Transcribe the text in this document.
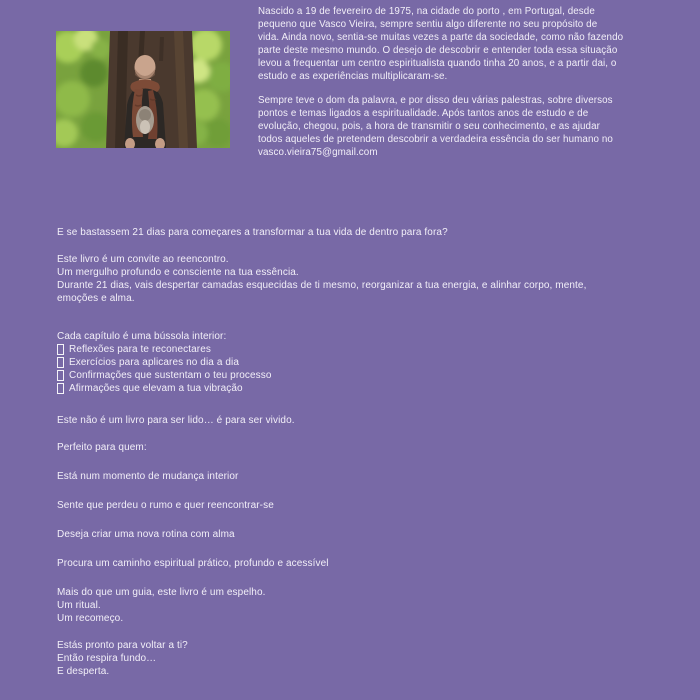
Nascido a 19 de fevereiro de 1975, na cidade do porto , em Portugal, desde
pequeno que Vasco Vieira, sempre sentiu algo diferente no seu propósito de
vida. Ainda novo, sentia-se muitas vezes a parte da sociedade, como não fazendo
parte deste mesmo mundo. O desejo de descobrir e entender toda essa situação
levou a frequentar um centro espiritualista quando tinha 20 anos, e a partir dai, o
estudo e as experiências multiplicaram-se.
Sempre teve o dom da palavra, e por disso deu várias palestras, sobre diversos
pontos e temas ligados a espiritualidade. Após tantos anos de estudo e de
evolução, chegou, pois, a hora de transmitir o seu conhecimento, e as ajudar
todos aqueles de pretendem descobrir a verdadeira essência do ser humano no
vasco.vieira75@gmail.com
E se bastassem 21 dias para começares a transformar a tua vida de dentro para fora?
Este livro é um convite ao reencontro.
Um mergulho profundo e consciente na tua essência.
Durante 21 dias, vais despertar camadas esquecidas de ti mesmo, reorganizar a tua energia, e alinhar corpo, mente,
emoções e alma.
Cada capítulo é uma bússola interior:
Reflexões para te reconectares
Exercícios para aplicares no dia a dia
Confirmações que sustentam o teu processo
Afirmações que elevam a tua vibração
Este não é um livro para ser lido… é para ser vivido.
Perfeito para quem:
Está num momento de mudança interior
Sente que perdeu o rumo e quer reencontrar-se
Deseja criar uma nova rotina com alma
Procura um caminho espiritual prático, profundo e acessível
Mais do que um guia, este livro é um espelho.
Um ritual.
Um recomeço.
Estás pronto para voltar a ti?
Então respira fundo…
E desperta.
